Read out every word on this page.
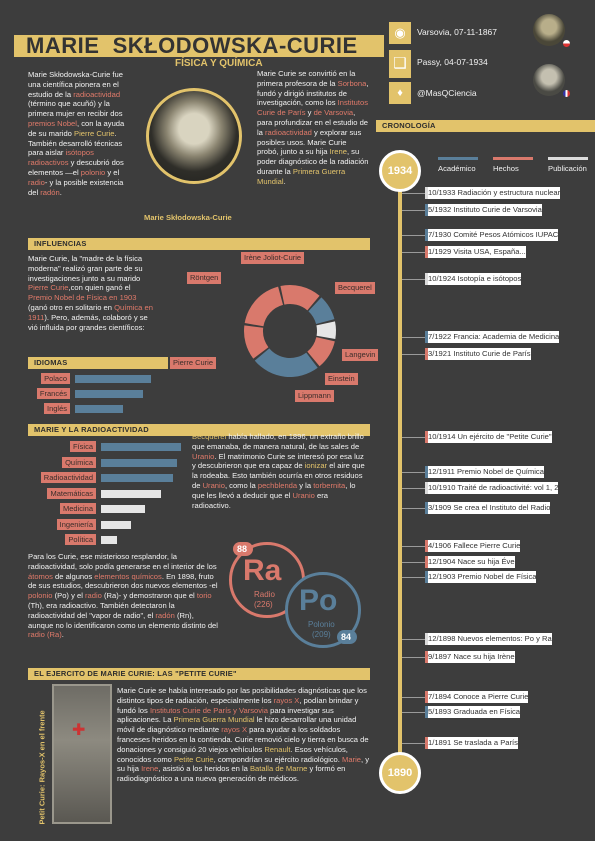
MARIE  SKŁODOWSKA-CURIE
FÍSICA Y QUÍMICA
◉	Varsovia, 07-11-1867
❑	Passy, 04-07-1934
♦	@MasQCiencia
Marie Skłodowska-Curie fue una científica pionera en el estudio de la radioactividad (término que acuñó) y la primera mujer en recibir dos premios Nobel, con la ayuda de su marido Pierre Curie. También desarrolló técnicas para aislar isótopos radioactivos y descubrió dos elementos —el polonio y el radio- y la posible existencia del radón.
Marie Skłodowska-Curie
Marie Curie se convirtió en la primera profesora de la Sorbona, fundó y dirigió institutos de investigación, como los Institutos Curie de París y de Varsovia, para profundizar en el estudio de la radioactividad y explorar sus posibles usos. Marie Curie probó, junto a su hija Irene, su poder diagnóstico de la radiación durante la Primera Guerra Mundial.
INFLUENCIAS
Marie Curie, la "madre de la física moderna" realizó gran parte de su investigaciones junto a su marido Pierre Curie,con quien ganó el Premio Nobel de Física en 1903 (ganó otro en solitario en Química en 1911). Pero, además, colaboró y se vió influida por grandes científicos:
Irène Joliot-Curie
Becquerel
Langevin
Einstein
Lippmann
Pierre Curie
Röntgen
IDIOMAS
Polaco
Francés
Inglés
MARIE Y LA RADIOACTIVIDAD
Física
Química
Radioactividad
Matemáticas
Medicina
Ingeniería
Política
Becquerel había hallado, en 1896, un extraño brillo que emanaba, de manera natural, de las sales de Uranio. El matrimonio Curie se interesó por esa luz y descubrieron que era capaz de ionizar el aire que la rodeaba. Esto también ocurría en otros residuos de Uranio, como la pechblenda y la torbernita, lo que les llevó a deducir que el Uranio era radioactivo.
Para los Curie, ese misterioso resplandor, la radioactividad, solo podía generarse en el interior de los átomos de algunos elementos químicos. En 1898, fruto de sus estudios, descubrieron dos nuevos elementos -el polonio (Po) y el radio (Ra)- y demostraron que el torio (Th), era radioactivo. También detectaron la radioactividad del "vapor de radio", el radón (Rn), aunque no lo identificaron como un elemento distinto del radio (Ra).
88
Ra
Radio
(226)
84
Po
Polonio
(209)
EL EJERCITO DE MARIE CURIE: LAS "PETITE CURIE"
✚
Petit Curie: Rayos-X en el frente
Marie Curie se había interesado por las posibilidades diagnósticas que los distintos tipos de radiación, especialmente los rayos X, podían brindar y fundó los Institutos Curie de París y Varsovia para investigar sus aplicaciones. La Primera Guerra Mundial le hizo desarrollar una unidad móvil de diagnóstico mediante rayos X para ayudar a los soldados franceses heridos en la contienda. Curie removió cielo y tierra en busca de donaciones y consiguió 20 viejos vehículos Renault. Esos vehículos, conocidos como Petite Curie, compondrían su ejército radiológico. Marie, y su hija Irene, asistió a los heridos en la Batalla de Marne y formó en radiodiagnóstico a una nueva generación de médicos.
CRONOLOGÍA
1934
1890
Académico Hechos	Publicación
10/1933 Radiación y estructura nuclear
5/1932 Instituto Curie de Varsovia
7/1930 Comité Pesos Atómicos IUPAC
1/1929 Visita USA, España...
10/1924 Isotopía e isótopos
7/1922 Francia: Academia de Medicina
3/1921 Instituto Curie de París
10/1914 Un ejército de "Petite Curie"
12/1911 Premio Nobel de Química
10/1910 Traité de radioactivité: vol 1, 2
3/1909 Se crea el Instituto del Radio
4/1906 Fallece Pierre Curie
12/1904 Nace su hija Éve
12/1903 Premio Nobel de Física
12/1898 Nuevos elementos: Po y Ra
9/1897 Nace su hija Irène
7/1894 Conoce a Pierre Curie
5/1893 Graduada en Física
1/1891 Se traslada a París
